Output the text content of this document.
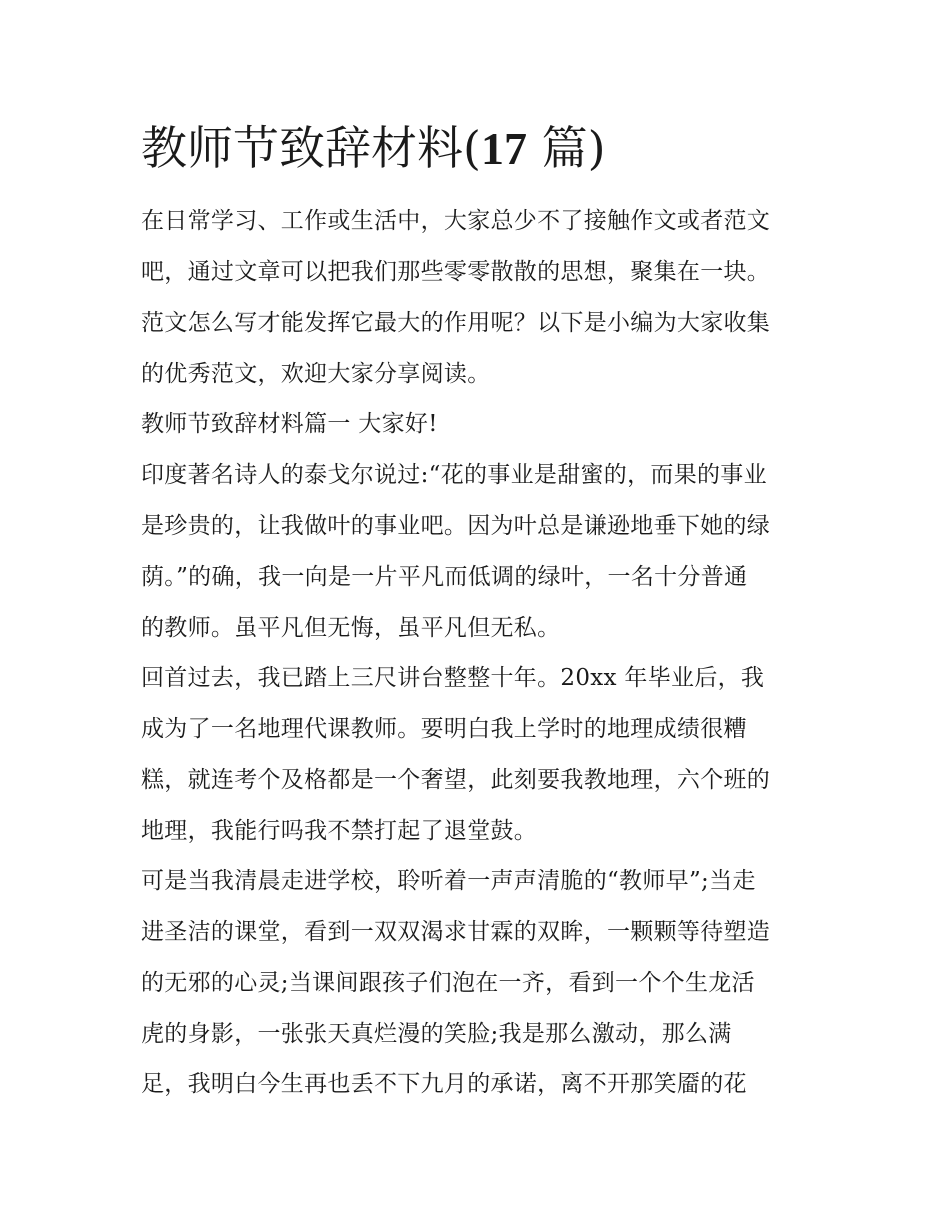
教师节致辞材料(17 篇)

在日常学习、工作或生活中，大家总少不了接触作文或者范文

吧，通过文章可以把我们那些零零散散的思想，聚集在一块。

范文怎么写才能发挥它最大的作用呢？以下是小编为大家收集

的优秀范文，欢迎大家分享阅读。

教师节致辞材料篇一 大家好!

印度著名诗人的泰戈尔说过:“花的事业是甜蜜的，而果的事业

是珍贵的，让我做叶的事业吧。因为叶总是谦逊地垂下她的绿

荫。”的确，我一向是一片平凡而低调的绿叶，一名十分普通

的教师。虽平凡但无悔，虽平凡但无私。

回首过去，我已踏上三尺讲台整整十年。20xx 年毕业后，我

成为了一名地理代课教师。要明白我上学时的地理成绩很糟

糕，就连考个及格都是一个奢望，此刻要我教地理，六个班的

地理，我能行吗我不禁打起了退堂鼓。

可是当我清晨走进学校，聆听着一声声清脆的“教师早”;当走

进圣洁的课堂，看到一双双渴求甘霖的双眸，一颗颗等待塑造

的无邪的心灵;当课间跟孩子们泡在一齐，看到一个个生龙活

虎的身影，一张张天真烂漫的笑脸;我是那么激动，那么满

足，我明白今生再也丢不下九月的承诺，离不开那笑靥的花
